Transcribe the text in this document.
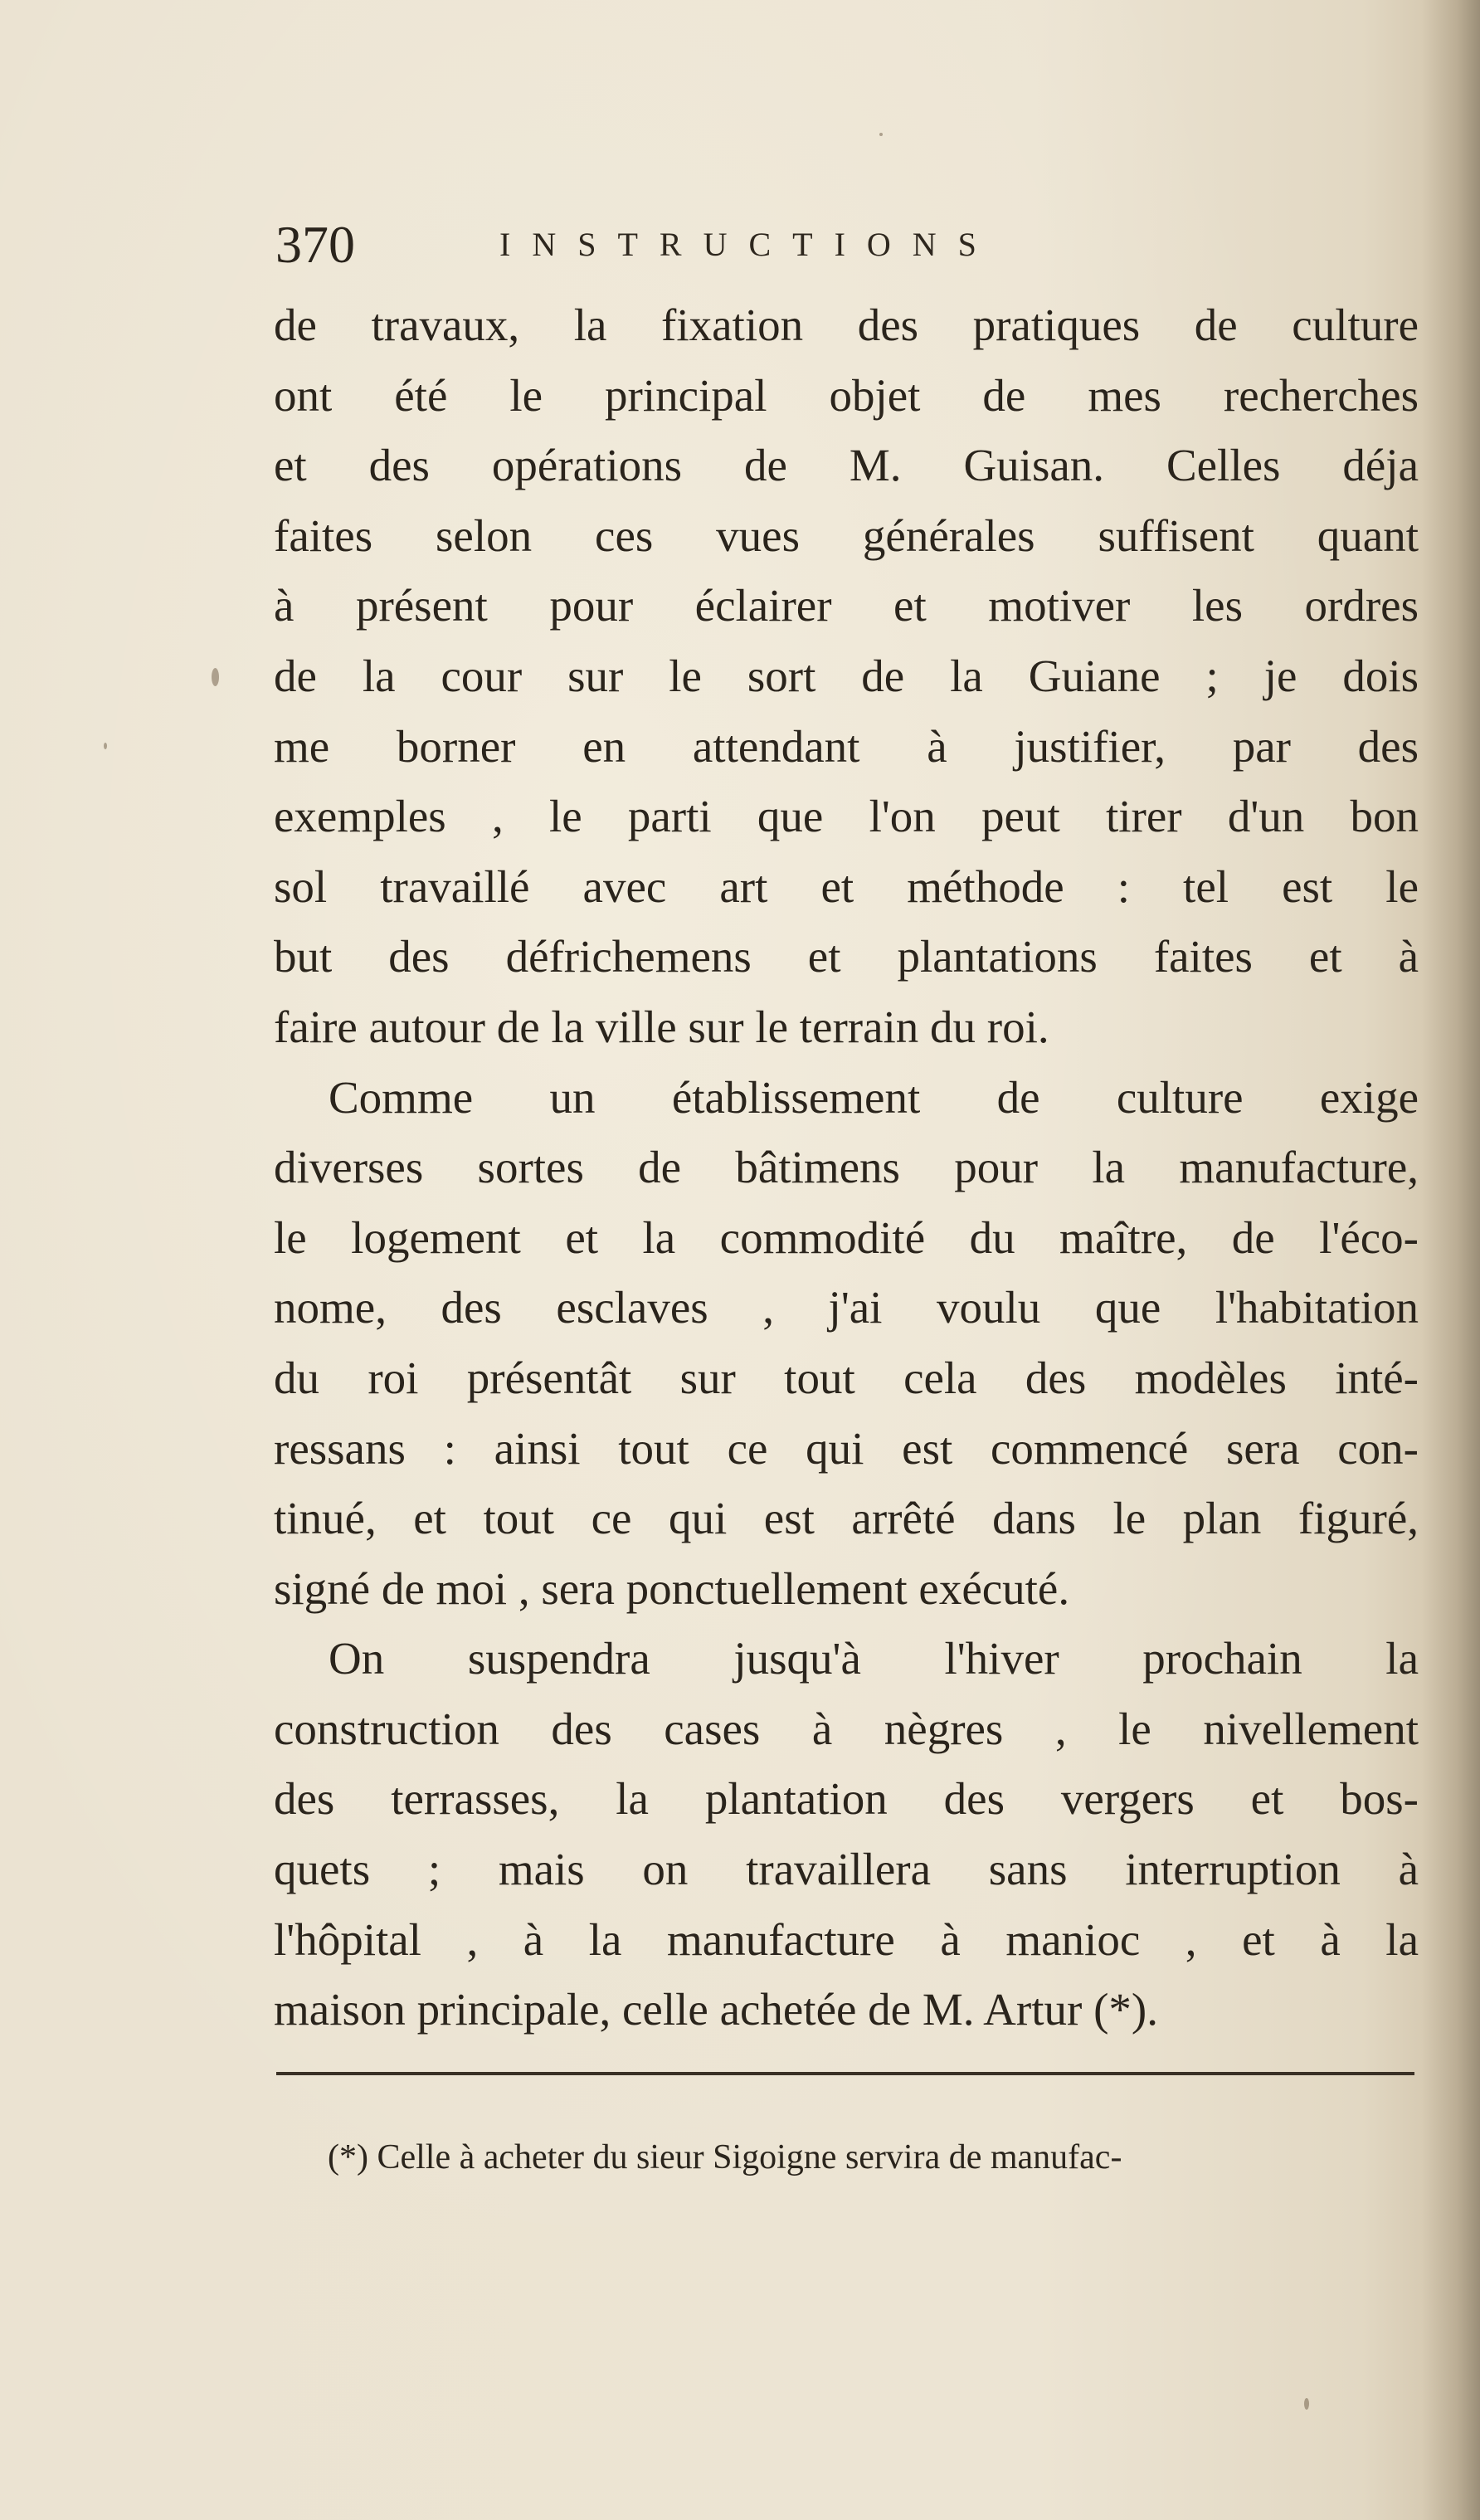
370	INSTRUCTIONS
de travaux, la fixation des pratiques de culture
ont été le principal objet de mes recherches
et des opérations de M. Guisan. Celles déja
faites selon ces vues générales suffisent quant
à présent pour éclairer et motiver les ordres
de la cour sur le sort de la Guiane ; je dois
me borner en attendant à justifier, par des
exemples , le parti que l'on peut tirer d'un bon
sol travaillé avec art et méthode : tel est le
but des défrichemens et plantations faites et à
faire autour de la ville sur le terrain du roi.
Comme un établissement de culture exige
diverses sortes de bâtimens pour la manufacture,
le logement et la commodité du maître, de l'éco-
nome, des esclaves , j'ai voulu que l'habitation
du roi présentât sur tout cela des modèles inté-
ressans : ainsi tout ce qui est commencé sera con-
tinué, et tout ce qui est arrêté dans le plan figuré,
signé de moi , sera ponctuellement exécuté.
On suspendra jusqu'à l'hiver prochain la
construction des cases à nègres , le nivellement
des terrasses, la plantation des vergers et bos-
quets ; mais on travaillera sans interruption à
l'hôpital , à la manufacture à manioc , et à la
maison principale, celle achetée de M. Artur (*).
(*) Celle à acheter du sieur Sigoigne servira de manufac-
